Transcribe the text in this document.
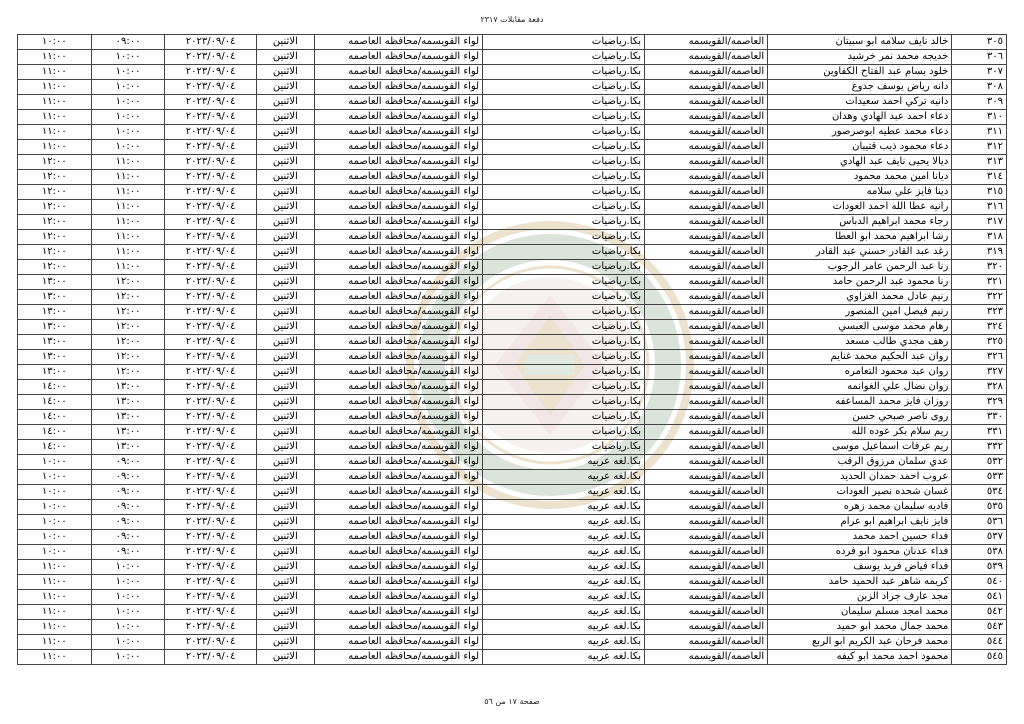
دفعة مقابلات ٢٣١٧
٣٠٥	خالد نايف سلامه ابو سبيتان	العاصمه/القويسمه	بكا.رياضيات	لواء القويسمه/محافظه العاصمه	الاثنين	٢٠٢٣/٠٩/٠٤	٠٩:٠٠	١٠:٠٠
٣٠٦	خديجه محمد نمر خرشيد	العاصمه/القويسمه	بكا.رياضيات	لواء القويسمه/محافظه العاصمه	الاثنين	٢٠٢٣/٠٩/٠٤	١٠:٠٠	١١:٠٠
٣٠٧	خلود بسام عبد الفتاح الكفاوين	العاصمه/القويسمه	بكا.رياضيات	لواء القويسمه/محافظه العاصمه	الاثنين	٢٠٢٣/٠٩/٠٤	١٠:٠٠	١١:٠٠
٣٠٨	دانه رياض يوسف جدوع	العاصمه/القويسمه	بكا.رياضيات	لواء القويسمه/محافظه العاصمه	الاثنين	٢٠٢٣/٠٩/٠٤	١٠:٠٠	١١:٠٠
٣٠٩	دانيه تركي احمد سعيدات	العاصمه/القويسمه	بكا.رياضيات	لواء القويسمه/محافظه العاصمه	الاثنين	٢٠٢٣/٠٩/٠٤	١٠:٠٠	١١:٠٠
٣١٠	دعاء احمد عبد الهادي وهدان	العاصمه/القويسمه	بكا.رياضيات	لواء القويسمه/محافظه العاصمه	الاثنين	٢٠٢٣/٠٩/٠٤	١٠:٠٠	١١:٠٠
٣١١	دعاء محمد عطيه ابوصرصور	العاصمه/القويسمه	بكا.رياضيات	لواء القويسمه/محافظه العاصمه	الاثنين	٢٠٢٣/٠٩/٠٤	١٠:٠٠	١١:٠٠
٣١٢	دعاء محمود ذيب قتيبان	العاصمه/القويسمه	بكا.رياضيات	لواء القويسمه/محافظه العاصمه	الاثنين	٢٠٢٣/٠٩/٠٤	١٠:٠٠	١١:٠٠
٣١٣	ديالا يحيى نايف عبد الهادي	العاصمه/القويسمه	بكا.رياضيات	لواء القويسمه/محافظه العاصمه	الاثنين	٢٠٢٣/٠٩/٠٤	١١:٠٠	١٢:٠٠
٣١٤	ديانا امين محمد محمود	العاصمه/القويسمه	بكا.رياضيات	لواء القويسمه/محافظه العاصمه	الاثنين	٢٠٢٣/٠٩/٠٤	١١:٠٠	١٢:٠٠
٣١٥	دينا فايز علي سلامه	العاصمه/القويسمه	بكا.رياضيات	لواء القويسمه/محافظه العاصمه	الاثنين	٢٠٢٣/٠٩/٠٤	١١:٠٠	١٢:٠٠
٣١٦	رانيه عطا الله احمد العودات	العاصمه/القويسمه	بكا.رياضيات	لواء القويسمه/محافظه العاصمه	الاثنين	٢٠٢٣/٠٩/٠٤	١١:٠٠	١٢:٠٠
٣١٧	رجاء محمد ابراهيم الدباس	العاصمه/القويسمه	بكا.رياضيات	لواء القويسمه/محافظه العاصمه	الاثنين	٢٠٢٣/٠٩/٠٤	١١:٠٠	١٢:٠٠
٣١٨	رشا ابراهيم محمد ابو العطا	العاصمه/القويسمه	بكا.رياضيات	لواء القويسمه/محافظه العاصمه	الاثنين	٢٠٢٣/٠٩/٠٤	١١:٠٠	١٢:٠٠
٣١٩	رغد عبد القادر حسني عبد القادر	العاصمه/القويسمه	بكا.رياضيات	لواء القويسمه/محافظه العاصمه	الاثنين	٢٠٢٣/٠٩/٠٤	١١:٠٠	١٢:٠٠
٣٢٠	رنا عبد الرحمن عامر الرجوب	العاصمه/القويسمه	بكا.رياضيات	لواء القويسمه/محافظه العاصمه	الاثنين	٢٠٢٣/٠٩/٠٤	١١:٠٠	١٢:٠٠
٣٢١	رنا محمود عبد الرحمن حامد	العاصمه/القويسمه	بكا.رياضيات	لواء القويسمه/محافظه العاصمه	الاثنين	٢٠٢٣/٠٩/٠٤	١٢:٠٠	١٣:٠٠
٣٢٢	رنيم عادل محمد الغزاوي	العاصمه/القويسمه	بكا.رياضيات	لواء القويسمه/محافظه العاصمه	الاثنين	٢٠٢٣/٠٩/٠٤	١٢:٠٠	١٣:٠٠
٣٢٣	رنيم فيصل امين المنصور	العاصمه/القويسمه	بكا.رياضيات	لواء القويسمه/محافظه العاصمه	الاثنين	٢٠٢٣/٠٩/٠٤	١٢:٠٠	١٣:٠٠
٣٢٤	رهام محمد موسى العبسي	العاصمه/القويسمه	بكا.رياضيات	لواء القويسمه/محافظه العاصمه	الاثنين	٢٠٢٣/٠٩/٠٤	١٢:٠٠	١٣:٠٠
٣٢٥	رهف مجدي طالب مسعد	العاصمه/القويسمه	بكا.رياضيات	لواء القويسمه/محافظه العاصمه	الاثنين	٢٠٢٣/٠٩/٠٤	١٢:٠٠	١٣:٠٠
٣٢٦	روان عبد الحكيم محمد غنايم	العاصمه/القويسمه	بكا.رياضيات	لواء القويسمه/محافظه العاصمه	الاثنين	٢٠٢٣/٠٩/٠٤	١٢:٠٠	١٣:٠٠
٣٢٧	روان عبد محمود التعامره	العاصمه/القويسمه	بكا.رياضيات	لواء القويسمه/محافظه العاصمه	الاثنين	٢٠٢٣/٠٩/٠٤	١٢:٠٠	١٣:٠٠
٣٢٨	روان نضال علي الغوانمه	العاصمه/القويسمه	بكا.رياضيات	لواء القويسمه/محافظه العاصمه	الاثنين	٢٠٢٣/٠٩/٠٤	١٣:٠٠	١٤:٠٠
٣٢٩	روزان فايز محمد المساعفه	العاصمه/القويسمه	بكا.رياضيات	لواء القويسمه/محافظه العاصمه	الاثنين	٢٠٢٣/٠٩/٠٤	١٣:٠٠	١٤:٠٠
٣٣٠	روى ناصر صبحي حسن	العاصمه/القويسمه	بكا.رياضيات	لواء القويسمه/محافظه العاصمه	الاثنين	٢٠٢٣/٠٩/٠٤	١٣:٠٠	١٤:٠٠
٣٣١	ريم سلام بكر عوده الله	العاصمه/القويسمه	بكا.رياضيات	لواء القويسمه/محافظه العاصمه	الاثنين	٢٠٢٣/٠٩/٠٤	١٣:٠٠	١٤:٠٠
٣٣٢	ريم عرفات اسماعيل موسى	العاصمه/القويسمه	بكا.رياضيات	لواء القويسمه/محافظه العاصمه	الاثنين	٢٠٢٣/٠٩/٠٤	١٣:٠٠	١٤:٠٠
٥٣٢	عدي سلمان مرزوق الرقب	العاصمه/القويسمه	بكا.لغه عربيه	لواء القويسمه/محافظه العاصمه	الاثنين	٢٠٢٣/٠٩/٠٤	٠٩:٠٠	١٠:٠٠
٥٣٣	عروب احمد حمدان الحديد	العاصمه/القويسمه	بكا.لغه عربيه	لواء القويسمه/محافظه العاصمه	الاثنين	٢٠٢٣/٠٩/٠٤	٠٩:٠٠	١٠:٠٠
٥٣٤	غسان شحده نصير العودات	العاصمه/القويسمه	بكا.لغه عربيه	لواء القويسمه/محافظه العاصمه	الاثنين	٢٠٢٣/٠٩/٠٤	٠٩:٠٠	١٠:٠٠
٥٣٥	فاديه سليمان محمد زهره	العاصمه/القويسمه	بكا.لغه عربيه	لواء القويسمه/محافظه العاصمه	الاثنين	٢٠٢٣/٠٩/٠٤	٠٩:٠٠	١٠:٠٠
٥٣٦	فايز نايف ابراهيم ابو عرام	العاصمه/القويسمه	بكا.لغه عربيه	لواء القويسمه/محافظه العاصمه	الاثنين	٢٠٢٣/٠٩/٠٤	٠٩:٠٠	١٠:٠٠
٥٣٧	فداء حسين احمد محمد	العاصمه/القويسمه	بكا.لغه عربيه	لواء القويسمه/محافظه العاصمه	الاثنين	٢٠٢٣/٠٩/٠٤	٠٩:٠٠	١٠:٠٠
٥٣٨	فداء عدنان محمود ابو فرده	العاصمه/القويسمه	بكا.لغه عربيه	لواء القويسمه/محافظه العاصمه	الاثنين	٢٠٢٣/٠٩/٠٤	٠٩:٠٠	١٠:٠٠
٥٣٩	فداء فياض فريد يوسف	العاصمه/القويسمه	بكا.لغه عربيه	لواء القويسمه/محافظه العاصمه	الاثنين	٢٠٢٣/٠٩/٠٤	١٠:٠٠	١١:٠٠
٥٤٠	كريمه شاهر عبد الحميد حامد	العاصمه/القويسمه	بكا.لغه عربيه	لواء القويسمه/محافظه العاصمه	الاثنين	٢٠٢٣/٠٩/٠٤	١٠:٠٠	١١:٠٠
٥٤١	مجد عارف جراد الزبن	العاصمه/القويسمه	بكا.لغه عربيه	لواء القويسمه/محافظه العاصمه	الاثنين	٢٠٢٣/٠٩/٠٤	١٠:٠٠	١١:٠٠
٥٤٢	محمد امجد مسلم سليمان	العاصمه/القويسمه	بكا.لغه عربيه	لواء القويسمه/محافظه العاصمه	الاثنين	٢٠٢٣/٠٩/٠٤	١٠:٠٠	١١:٠٠
٥٤٣	محمد جمال محمد ابو حميد	العاصمه/القويسمه	بكا.لغه عربيه	لواء القويسمه/محافظه العاصمه	الاثنين	٢٠٢٣/٠٩/٠٤	١٠:٠٠	١١:٠٠
٥٤٤	محمد فرحان عبد الكريم ابو الربع	العاصمه/القويسمه	بكا.لغه عربيه	لواء القويسمه/محافظه العاصمه	الاثنين	٢٠٢٣/٠٩/٠٤	١٠:٠٠	١١:٠٠
٥٤٥	محمود احمد محمد ابو كيفه	العاصمه/القويسمه	بكا.لغه عربيه	لواء القويسمه/محافظه العاصمه	الاثنين	٢٠٢٣/٠٩/٠٤	١٠:٠٠	١١:٠٠
صفحة ١٧ من ٥٦
